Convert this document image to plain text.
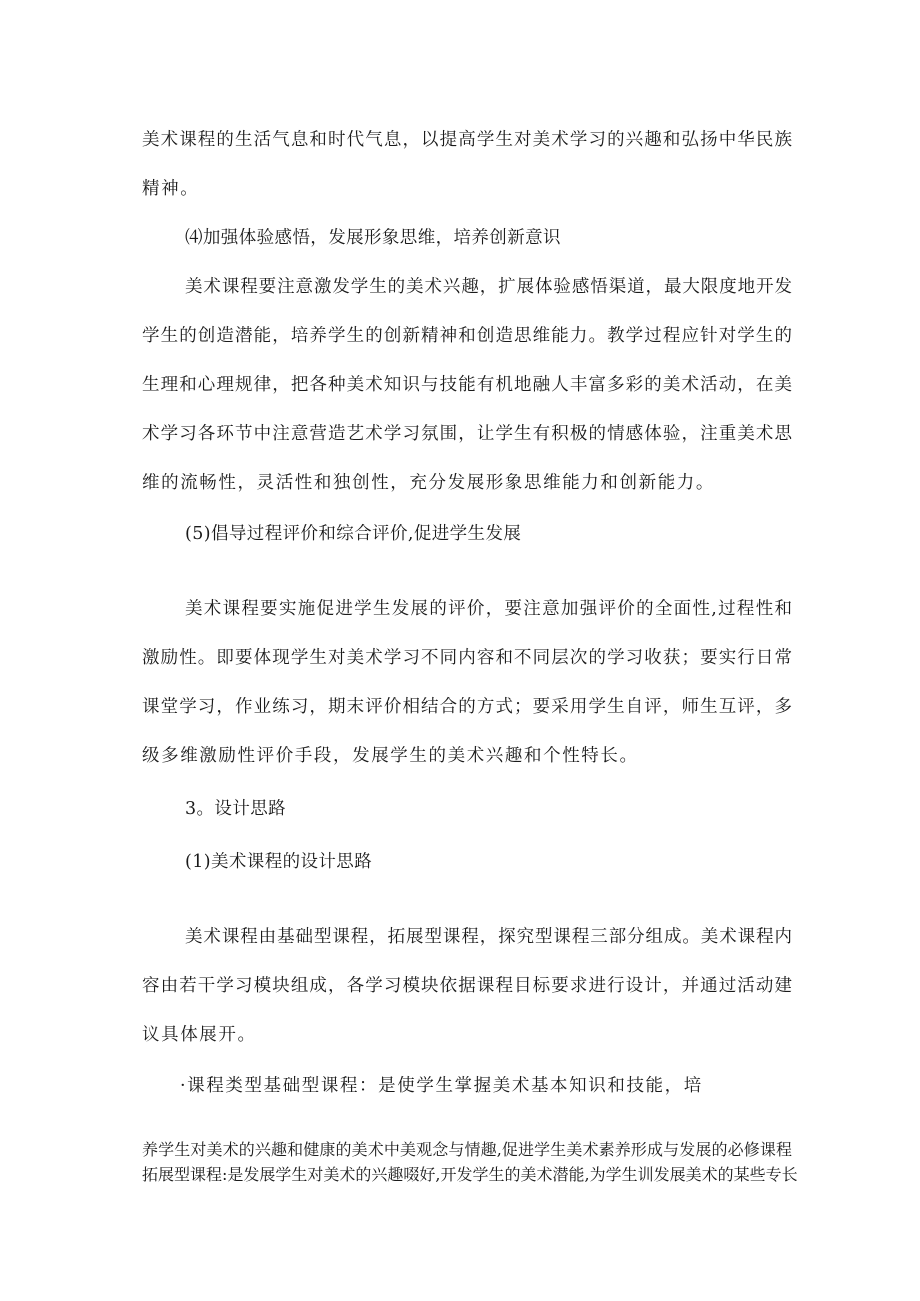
美术课程的生活气息和时代气息，以提高学生对美术学习的兴趣和弘扬中华民族
精神。
⑷加强体验感悟，发展形象思维，培养创新意识
美术课程要注意激发学生的美术兴趣，扩展体验感悟渠道，最大限度地开发
学生的创造潜能，培养学生的创新精神和创造思维能力。教学过程应针对学生的
生理和心理规律，把各种美术知识与技能有机地融人丰富多彩的美术活动，在美
术学习各环节中注意营造艺术学习氛围，让学生有积极的情感体验，注重美术思
维的流畅性，灵活性和独创性，充分发展形象思维能力和创新能力。
(5)倡导过程评价和综合评价,促进学生发展
美术课程要实施促进学生发展的评价，要注意加强评价的全面性,过程性和
激励性。即要体现学生对美术学习不同内容和不同层次的学习收获；要实行日常
课堂学习，作业练习，期末评价相结合的方式；要采用学生自评，师生互评，多
级多维激励性评价手段，发展学生的美术兴趣和个性特长。
3。设计思路
(1)美术课程的设计思路
美术课程由基础型课程，拓展型课程，探究型课程三部分组成。美术课程内
容由若干学习模块组成，各学习模块依据课程目标要求进行设计，并通过活动建
议具体展开。
·课程类型基础型课程：是使学生掌握美术基本知识和技能，培
养学生对美术的兴趣和健康的美术中美观念与情趣,促进学生美术素养形成与发展的必修课程
拓展型课程:是发展学生对美术的兴趣啜好,开发学生的美术潜能,为学生训发展美术的某些专长
